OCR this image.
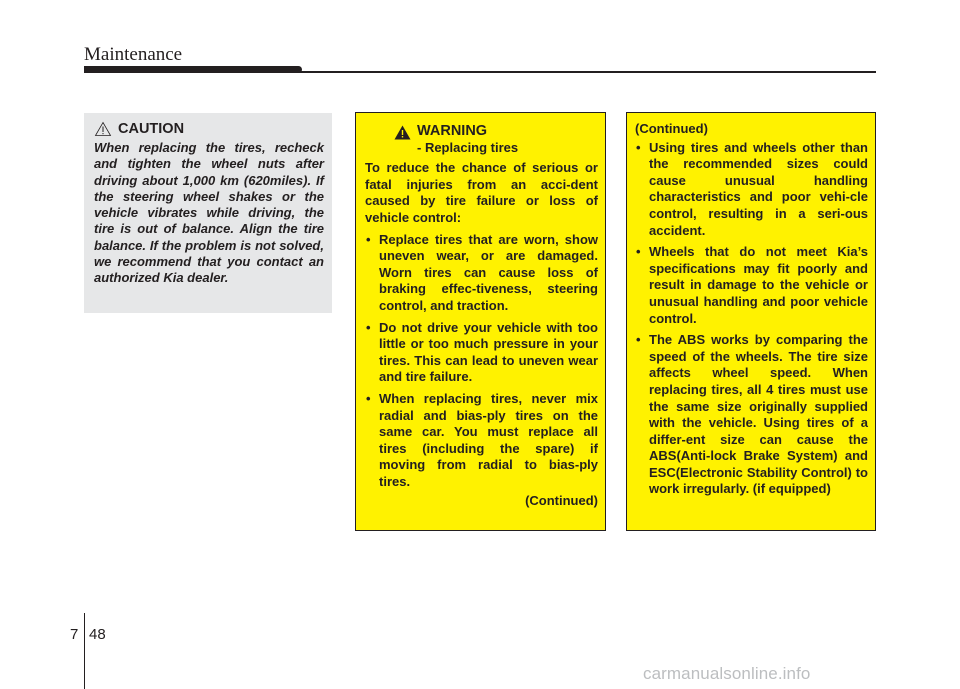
Maintenance
CAUTION
When replacing the tires, recheck and tighten the wheel nuts after driving about 1,000 km (620miles). If the steering wheel shakes or the vehicle vibrates while driving, the tire is out of balance. Align the tire balance. If the problem is not solved, we recommend that you contact an authorized Kia dealer.
WARNING
- Replacing tires
To reduce the chance of serious or fatal injuries from an acci-dent caused by tire failure or loss of vehicle control:
• Replace tires that are worn, show uneven wear, or are damaged. Worn tires can cause loss of braking effec-tiveness, steering control, and traction.
• Do not drive your vehicle with too little or too much pressure in your tires. This can lead to uneven wear and tire failure.
• When replacing tires, never mix radial and bias-ply tires on the same car. You must replace all tires (including the spare) if moving from radial to bias-ply tires.
(Continued)
(Continued)
• Using tires and wheels other than the recommended sizes could cause unusual handling characteristics and poor vehi-cle control, resulting in a seri-ous accident.
• Wheels that do not meet Kia’s specifications may fit poorly and result in damage to the vehicle or unusual handling and poor vehicle control.
• The ABS works by comparing the speed of the wheels. The tire size affects wheel speed. When replacing tires, all 4 tires must use the same size originally supplied with the vehicle. Using tires of a differ-ent size can cause the ABS(Anti-lock Brake System) and ESC(Electronic Stability Control) to work irregularly. (if equipped)
7 48
carmanualsonline.info
